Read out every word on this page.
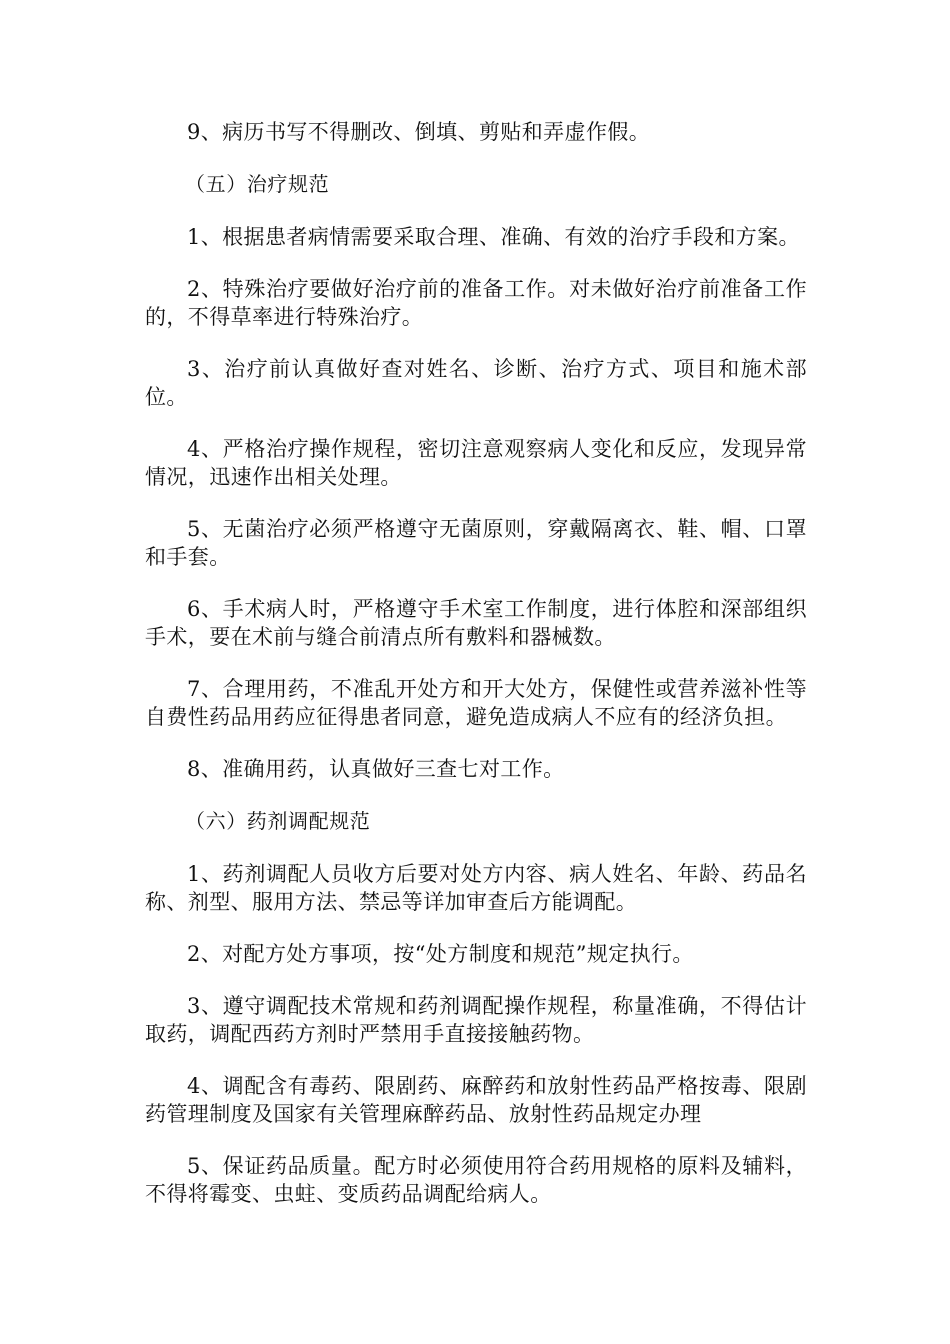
9、病历书写不得删改、倒填、剪贴和弄虚作假。

（五）治疗规范

1、根据患者病情需要采取合理、准确、有效的治疗手段和方案。

2、特殊治疗要做好治疗前的准备工作。对未做好治疗前准备工作的，不得草率进行特殊治疗。

3、治疗前认真做好查对姓名、诊断、治疗方式、项目和施术部位。

4、严格治疗操作规程，密切注意观察病人变化和反应，发现异常情况，迅速作出相关处理。

5、无菌治疗必须严格遵守无菌原则，穿戴隔离衣、鞋、帽、口罩和手套。

6、手术病人时，严格遵守手术室工作制度，进行体腔和深部组织手术，要在术前与缝合前清点所有敷料和器械数。

7、合理用药，不准乱开处方和开大处方，保健性或营养滋补性等自费性药品用药应征得患者同意，避免造成病人不应有的经济负担。

8、准确用药，认真做好三查七对工作。

（六）药剂调配规范

1、药剂调配人员收方后要对处方内容、病人姓名、年龄、药品名称、剂型、服用方法、禁忌等详加审查后方能调配。

2、对配方处方事项，按“处方制度和规范”规定执行。

3、遵守调配技术常规和药剂调配操作规程，称量准确，不得估计取药，调配西药方剂时严禁用手直接接触药物。

4、调配含有毒药、限剧药、麻醉药和放射性药品严格按毒、限剧药管理制度及国家有关管理麻醉药品、放射性药品规定办理

5、保证药品质量。配方时必须使用符合药用规格的原料及辅料，不得将霉变、虫蛀、变质药品调配给病人。
